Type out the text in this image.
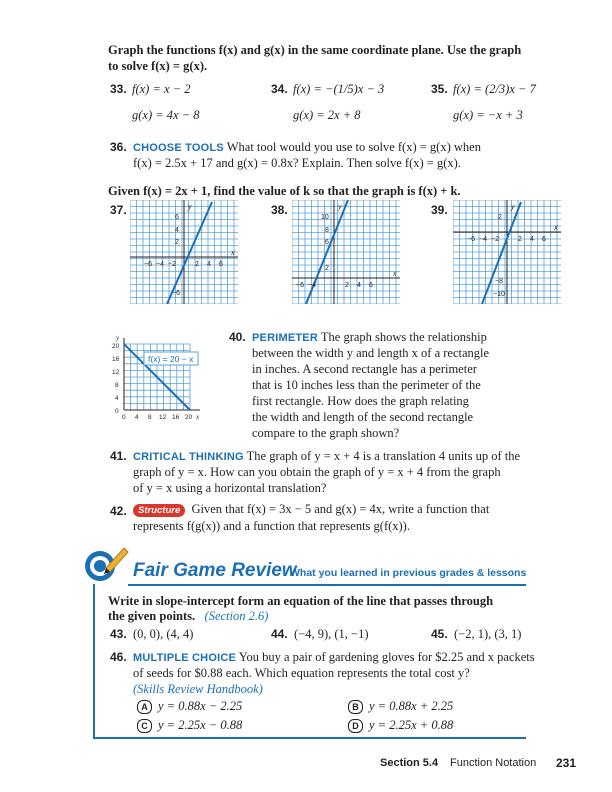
Graph the functions f(x) and g(x) in the same coordinate plane. Use the graph
to solve f(x) = g(x).
33. f(x) = x − 2
g(x) = 4x − 8
34. f(x) = −(1/5)x − 3
g(x) = 2x + 8
35. f(x) = (2/3)x − 7
g(x) = −x + 3
36. CHOOSE TOOLS What tool would you use to solve f(x) = g(x) when
f(x) = 2.5x + 17 and g(x) = 0.8x? Explain. Then solve f(x) = g(x).
Given f(x) = 2x + 1, find the value of k so that the graph is f(x) + k.
37.	y
x
6
4
2
−6
−6 −4 −2	2 4 6
38.	y
x
10
8
6
2
−6 −4	2 4 6
39.	y
x
2
−8
−10
−6 −4 −2	2 4 6
f(x) = 20 − x
y
20
16
12
8
4
0
0 4 8 12 16 20 x
40. PERIMETER The graph shows the relationship
between the width y and length x of a rectangle
in inches. A second rectangle has a perimeter
that is 10 inches less than the perimeter of the
first rectangle. How does the graph relating
the width and length of the second rectangle
compare to the graph shown?
41. CRITICAL THINKING The graph of y = x + 4 is a translation 4 units up of the
graph of y = x. How can you obtain the graph of y = x + 4 from the graph
of y = x using a horizontal translation?
42.	Structure Given that f(x) = 3x − 5 and g(x) = 4x, write a function that
represents f(g(x)) and a function that represents g(f(x)).
Fair Game Review
What you learned in previous grades & lessons
Write in slope-intercept form an equation of the line that passes through
the given points. (Section 2.6)
43. (0, 0), (4, 4)	44. (−4, 9), (1, −1)	45. (−2, 1), (3, 1)
46. MULTIPLE CHOICE You buy a pair of gardening gloves for $2.25 and x packets
of seeds for $0.88 each. Which equation represents the total cost y?
(Skills Review Handbook)
A y = 0.88x − 2.25	B y = 0.88x + 2.25
C y = 2.25x − 0.88	D y = 2.25x + 0.88
Section 5.4 Function Notation 231
